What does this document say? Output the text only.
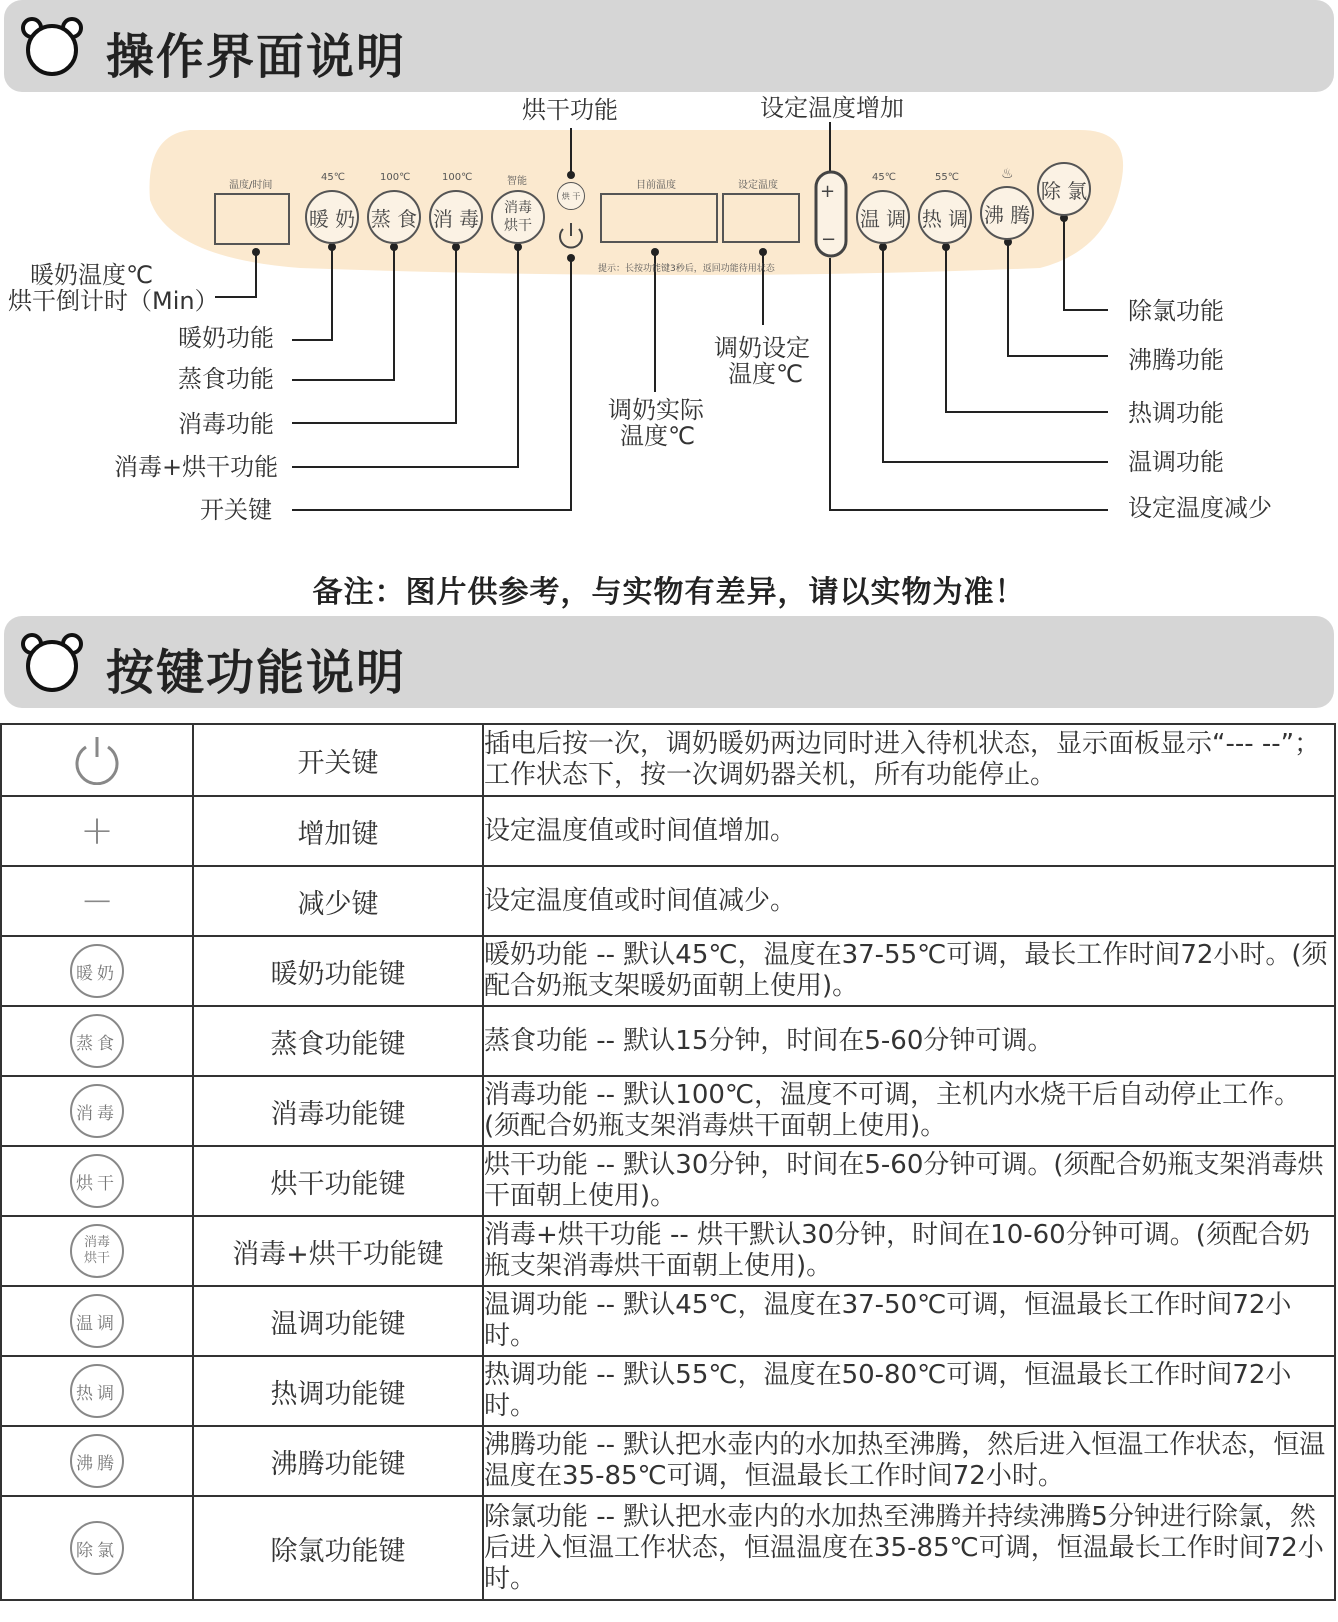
操作界面说明
温度/时间
45℃
暖 奶
100℃
蒸 食
100℃
消 毒
智能
消毒
烘干
烘 干
目前温度	设定温度
提示：长按功能键3秒后，返回功能待用状态
+
−
45℃
温 调
55℃
热 调
♨
沸 腾
除 氯
烘干功能	设定温度增加
暖奶温度℃
烘干倒计时（Min）
暖奶功能
蒸食功能
消毒功能
消毒+烘干功能
开关键
调奶实际
温度℃
调奶设定
温度℃
除氯功能
沸腾功能
热调功能
温调功能
设定温度减少
备注：图片供参考，与实物有差异，请以实物为准！
按键功能说明
	开关键	插电后按一次，调奶暖奶两边同时进入待机状态，显示面板显示“--- --”；工作状态下，按一次调奶器关机，所有功能停止。
+	增加键	设定温度值或时间值增加。
−	减少键	设定温度值或时间值减少。
暖奶	暖奶功能键	暖奶功能 -- 默认45℃，温度在37-55℃可调，最长工作时间72小时。(须配合奶瓶支架暖奶面朝上使用)。
蒸食	蒸食功能键	蒸食功能 -- 默认15分钟，时间在5-60分钟可调。
消毒	消毒功能键	消毒功能 -- 默认100℃，温度不可调，主机内水烧干后自动停止工作。(须配合奶瓶支架消毒烘干面朝上使用)。
烘干	烘干功能键	烘干功能 -- 默认30分钟，时间在5-60分钟可调。(须配合奶瓶支架消毒烘干面朝上使用)。

消毒
烘干	消毒+烘干功能键	消毒+烘干功能 -- 烘干默认30分钟，时间在10-60分钟可调。(须配合奶瓶支架消毒烘干面朝上使用)。
温调	温调功能键	温调功能 -- 默认45℃，温度在37-50℃可调，恒温最长工作时间72小时。
热调	热调功能键	热调功能 -- 默认55℃，温度在50-80℃可调，恒温最长工作时间72小时。
沸腾	沸腾功能键	沸腾功能 -- 默认把水壶内的水加热至沸腾，然后进入恒温工作状态，恒温温度在35-85℃可调，恒温最长工作时间72小时。
除氯	除氯功能键	除氯功能 -- 默认把水壶内的水加热至沸腾并持续沸腾5分钟进行除氯，然后进入恒温工作状态，恒温温度在35-85℃可调，恒温最长工作时间72小时。
